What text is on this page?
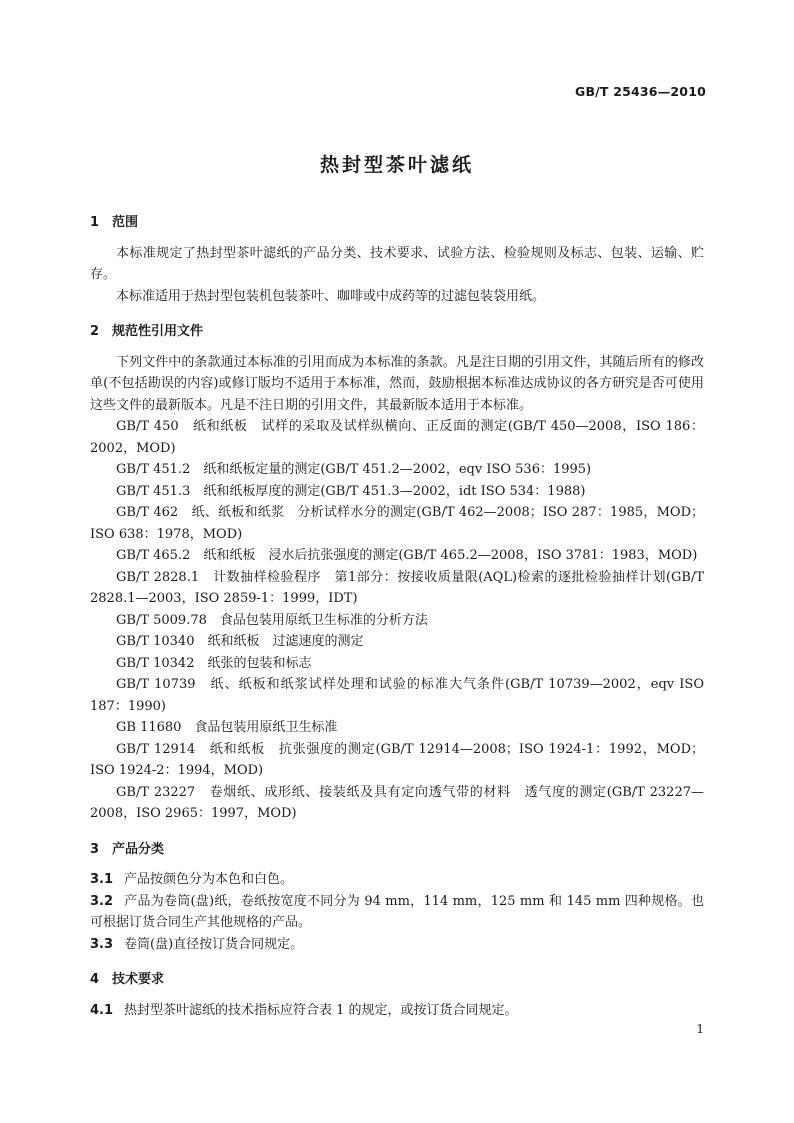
GB/T 25436—2010
热封型茶叶滤纸
1 范围

本标准规定了热封型茶叶滤纸的产品分类、技术要求、试验方法、检验规则及标志、包装、运输、贮存。

本标准适用于热封型包装机包装茶叶、咖啡或中成药等的过滤包装袋用纸。

2 规范性引用文件

下列文件中的条款通过本标准的引用而成为本标准的条款。凡是注日期的引用文件，其随后所有的修改单(不包括勘误的内容)或修订版均不适用于本标准，然而，鼓励根据本标准达成协议的各方研究是否可使用这些文件的最新版本。凡是不注日期的引用文件，其最新版本适用于本标准。

GB/T 450　纸和纸板　试样的采取及试样纵横向、正反面的测定(GB/T 450—2008，ISO 186：2002，MOD)

GB/T 451.2　纸和纸板定量的测定(GB/T 451.2—2002，eqv ISO 536：1995)

GB/T 451.3　纸和纸板厚度的测定(GB/T 451.3—2002，idt ISO 534：1988)

GB/T 462　纸、纸板和纸浆　分析试样水分的测定(GB/T 462—2008；ISO 287：1985，MOD；ISO 638：1978，MOD)

GB/T 465.2　纸和纸板　浸水后抗张强度的测定(GB/T 465.2—2008，ISO 3781：1983，MOD)

GB/T 2828.1　计数抽样检验程序　第1部分：按接收质量限(AQL)检索的逐批检验抽样计划(GB/T 2828.1—2003，ISO 2859-1：1999，IDT)

GB/T 5009.78　食品包装用原纸卫生标准的分析方法

GB/T 10340　纸和纸板　过滤速度的测定

GB/T 10342　纸张的包装和标志

GB/T 10739　纸、纸板和纸浆试样处理和试验的标准大气条件(GB/T 10739—2002，eqv ISO 187：1990)

GB 11680　食品包装用原纸卫生标准

GB/T 12914　纸和纸板　抗张强度的测定(GB/T 12914—2008；ISO 1924-1：1992，MOD；ISO 1924-2：1994，MOD)

GB/T 23227　卷烟纸、成形纸、接装纸及具有定向透气带的材料　透气度的测定(GB/T 23227—2008，ISO 2965：1997，MOD)

3 产品分类

3.1 产品按颜色分为本色和白色。

3.2 产品为卷筒(盘)纸，卷纸按宽度不同分为 94 mm，114 mm，125 mm 和 145 mm 四种规格。也可根据订货合同生产其他规格的产品。

3.3 卷筒(盘)直径按订货合同规定。

4 技术要求

4.1 热封型茶叶滤纸的技术指标应符合表 1 的规定，或按订货合同规定。

1
